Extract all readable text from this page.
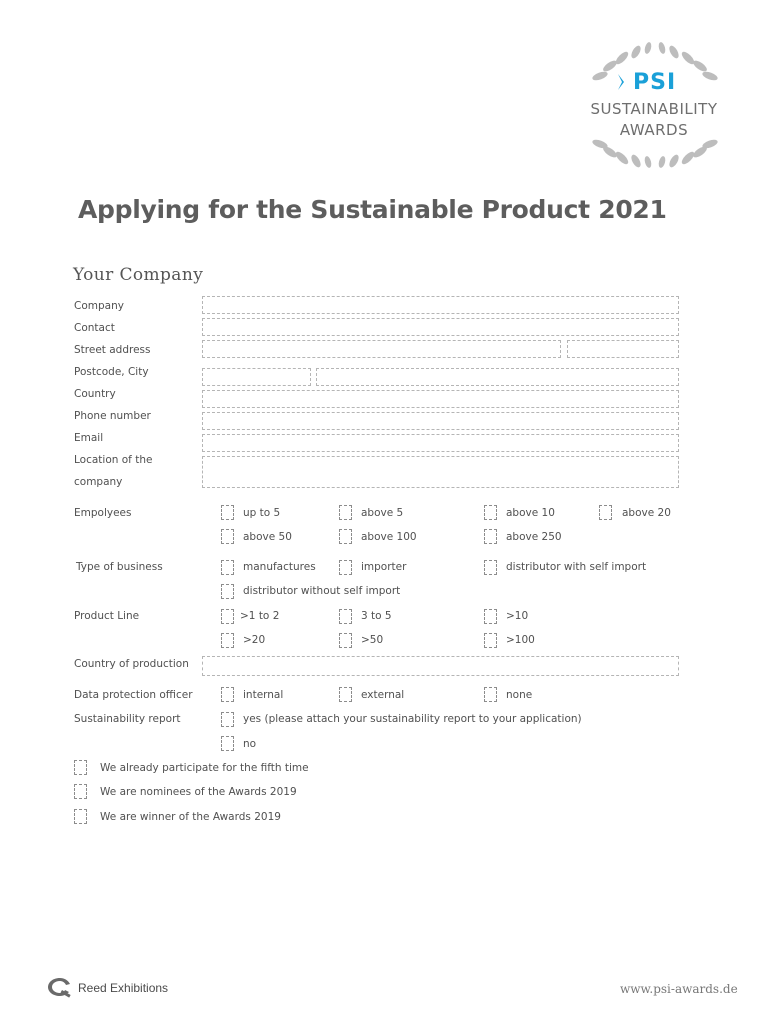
PSI
SUSTAINABILITY
AWARDS
Applying for the Sustainable Product 2021
Your Company
Company
Contact
Street address
Postcode, City
Country
Phone number
Email
Location of the
company
Empolyees	up to 5	above 5	above 10	above 20
above 50	above 100	above 250
Type of business	manufactures	importer	distributor with self import
distributor without self import
Product Line	>1 to 2	3 to 5	>10
>20	>50	>100
Country of production
Data protection officer	internal	external	none
Sustainability report	yes (please attach your sustainability report to your application)
no
We already participate for the fifth time
We are nominees of the Awards 2019
We are winner of the Awards 2019
Reed Exhibitions	www.psi-awards.de
